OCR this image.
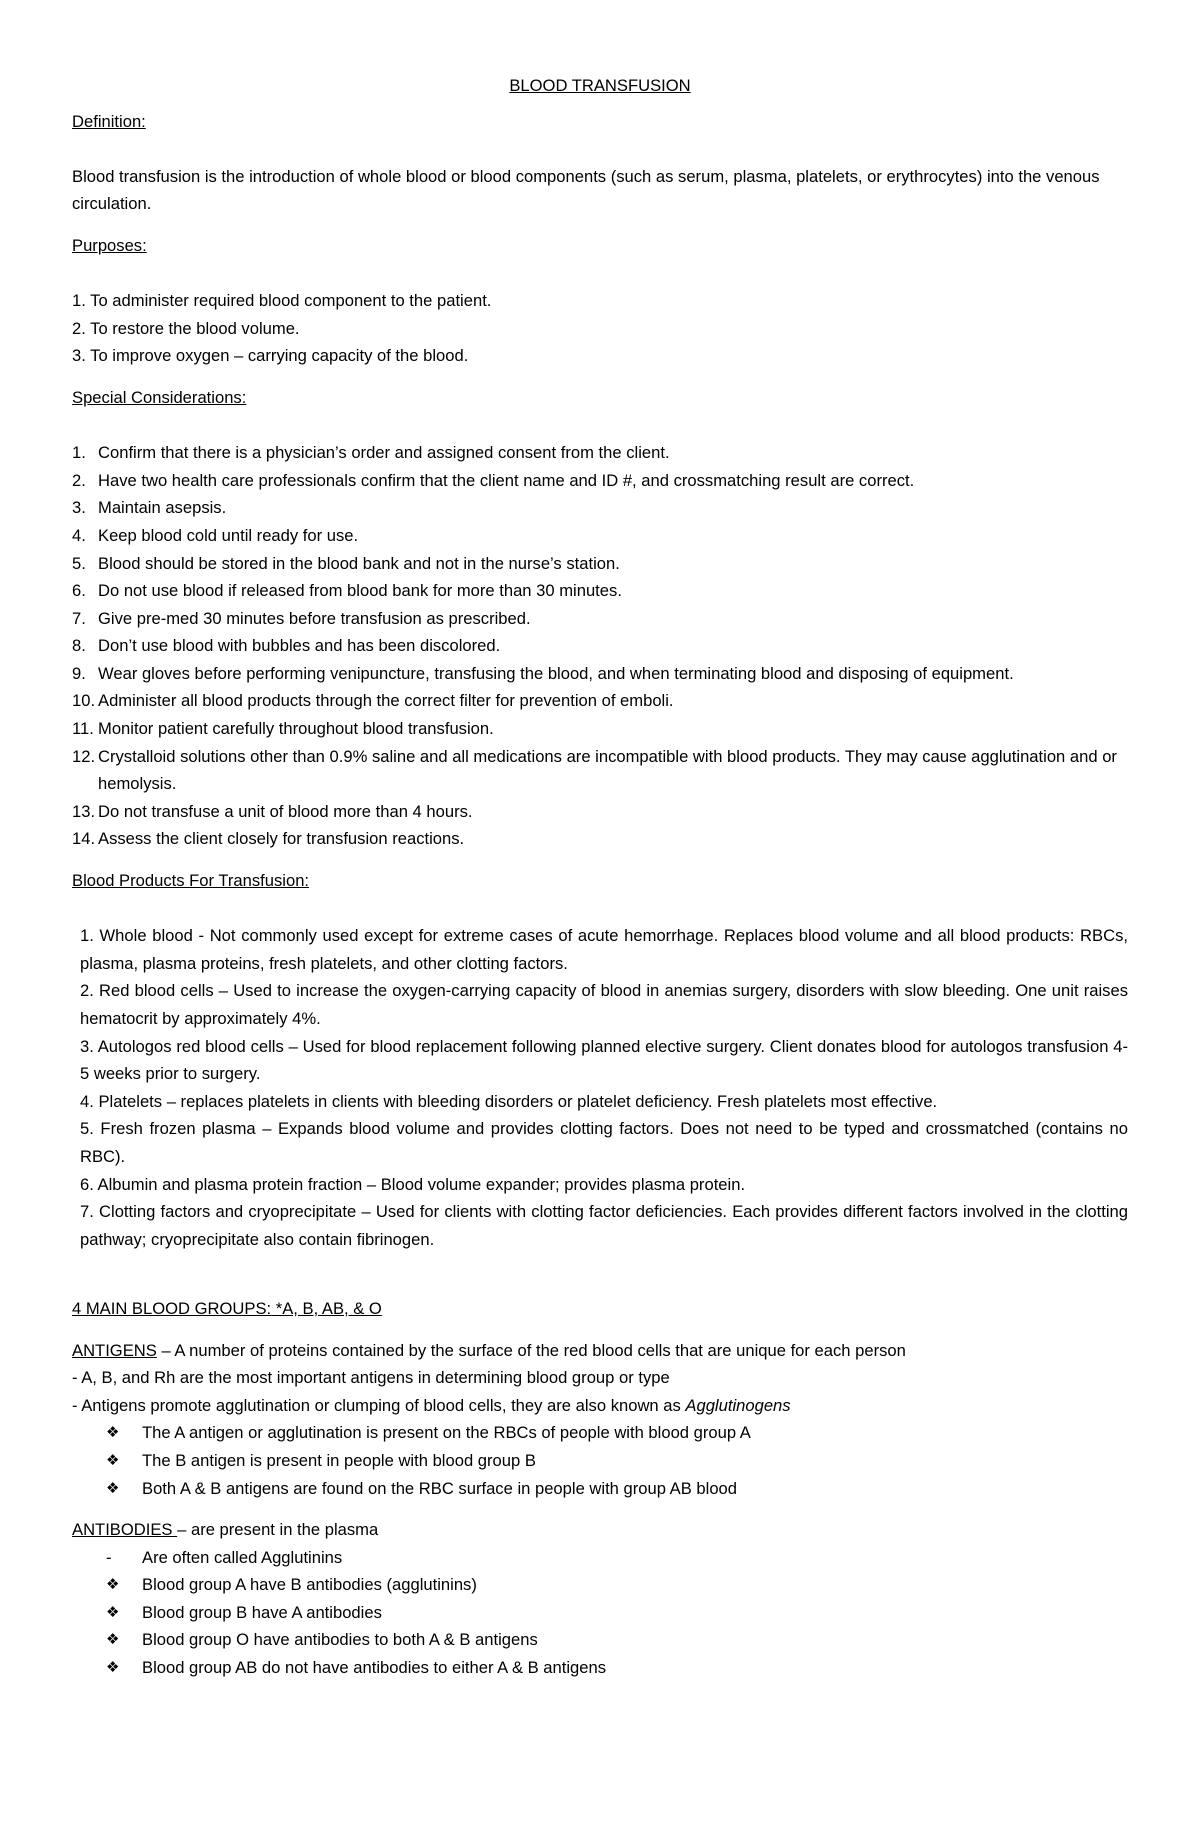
BLOOD TRANSFUSION

Definition:

Blood transfusion is the introduction of whole blood or blood components (such as serum, plasma, platelets, or erythrocytes) into the venous circulation.

Purposes:

1. To administer required blood component to the patient.
2. To restore the blood volume.
3. To improve oxygen – carrying capacity of the blood.

Special Considerations:

1. Confirm that there is a physician’s order and assigned consent from the client.
2. Have two health care professionals confirm that the client name and ID #, and crossmatching result are correct.
3. Maintain asepsis.
4. Keep blood cold until ready for use.
5. Blood should be stored in the blood bank and not in the nurse’s station.
6. Do not use blood if released from blood bank for more than 30 minutes.
7. Give pre-med 30 minutes before transfusion as prescribed.
8. Don’t use blood with bubbles and has been discolored.
9. Wear gloves before performing venipuncture, transfusing the blood, and when terminating blood and disposing of equipment.
10. Administer all blood products through the correct filter for prevention of emboli.
11. Monitor patient carefully throughout blood transfusion.
12. Crystalloid solutions other than 0.9% saline and all medications are incompatible with blood products. They may cause agglutination and or hemolysis.
13. Do not transfuse a unit of blood more than 4 hours.
14. Assess the client closely for transfusion reactions.

Blood Products For Transfusion:

1. Whole blood - Not commonly used except for extreme cases of acute hemorrhage. Replaces blood volume and all blood products: RBCs, plasma, plasma proteins, fresh platelets, and other clotting factors.
2. Red blood cells – Used to increase the oxygen-carrying capacity of blood in anemias surgery, disorders with slow bleeding. One unit raises hematocrit by approximately 4%.
3. Autologos red blood cells – Used for blood replacement following planned elective surgery. Client donates blood for autologos transfusion 4-5 weeks prior to surgery.
4. Platelets – replaces platelets in clients with bleeding disorders or platelet deficiency. Fresh platelets most effective.
5. Fresh frozen plasma – Expands blood volume and provides clotting factors. Does not need to be typed and crossmatched (contains no RBC).
6. Albumin and plasma protein fraction – Blood volume expander; provides plasma protein.
7. Clotting factors and cryoprecipitate – Used for clients with clotting factor deficiencies. Each provides different factors involved in the clotting pathway; cryoprecipitate also contain fibrinogen.

4 MAIN BLOOD GROUPS: *A, B, AB, & O

ANTIGENS – A number of proteins contained by the surface of the red blood cells that are unique for each person

- A, B, and Rh are the most important antigens in determining blood group or type

- Antigens promote agglutination or clumping of blood cells, they are also known as Agglutinogens

❖ The A antigen or agglutination is present on the RBCs of people with blood group A
❖ The B antigen is present in people with blood group B
❖ Both A & B antigens are found on the RBC surface in people with group AB blood

ANTIBODIES – are present in the plasma

- Are often called Agglutinins
❖ Blood group A have B antibodies (agglutinins)
❖ Blood group B have A antibodies
❖ Blood group O have antibodies to both A & B antigens
❖ Blood group AB do not have antibodies to either A & B antigens
